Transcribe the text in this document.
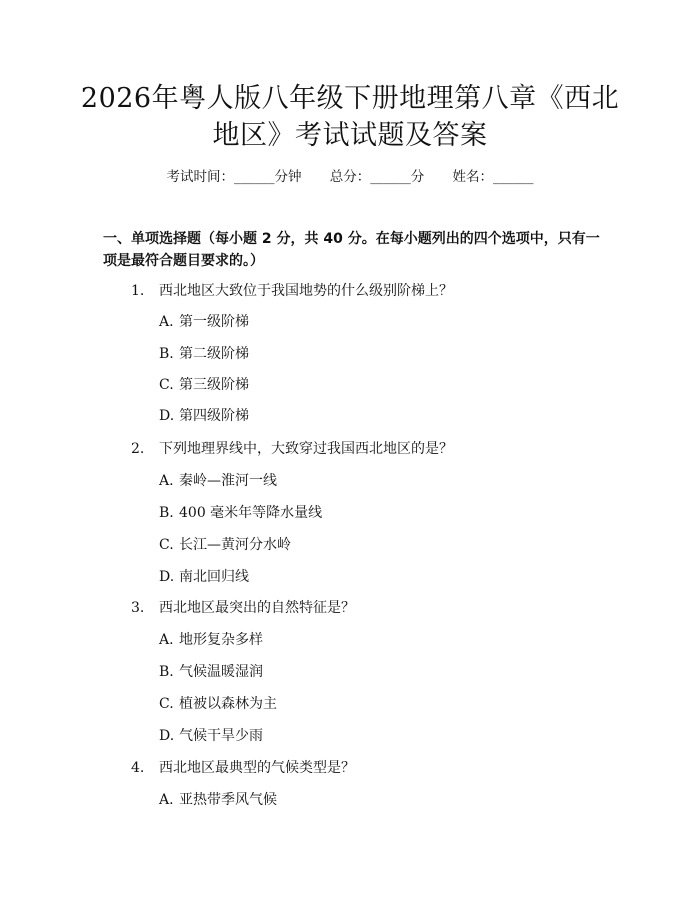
2026年粤人版八年级下册地理第八章《西北地区》考试试题及答案
考试时间：______分钟 总分：______分 姓名：______
一、单项选择题（每小题 2 分，共 40 分。在每小题列出的四个选项中，只有一项是最符合题目要求的。）
1. 西北地区大致位于我国地势的什么级别阶梯上？
A. 第一级阶梯
B. 第二级阶梯
C. 第三级阶梯
D. 第四级阶梯
2. 下列地理界线中，大致穿过我国西北地区的是？
A. 秦岭—淮河一线
B. 400 毫米年等降水量线
C. 长江—黄河分水岭
D. 南北回归线
3. 西北地区最突出的自然特征是？
A. 地形复杂多样
B. 气候温暖湿润
C. 植被以森林为主
D. 气候干旱少雨
4. 西北地区最典型的气候类型是？
A. 亚热带季风气候
